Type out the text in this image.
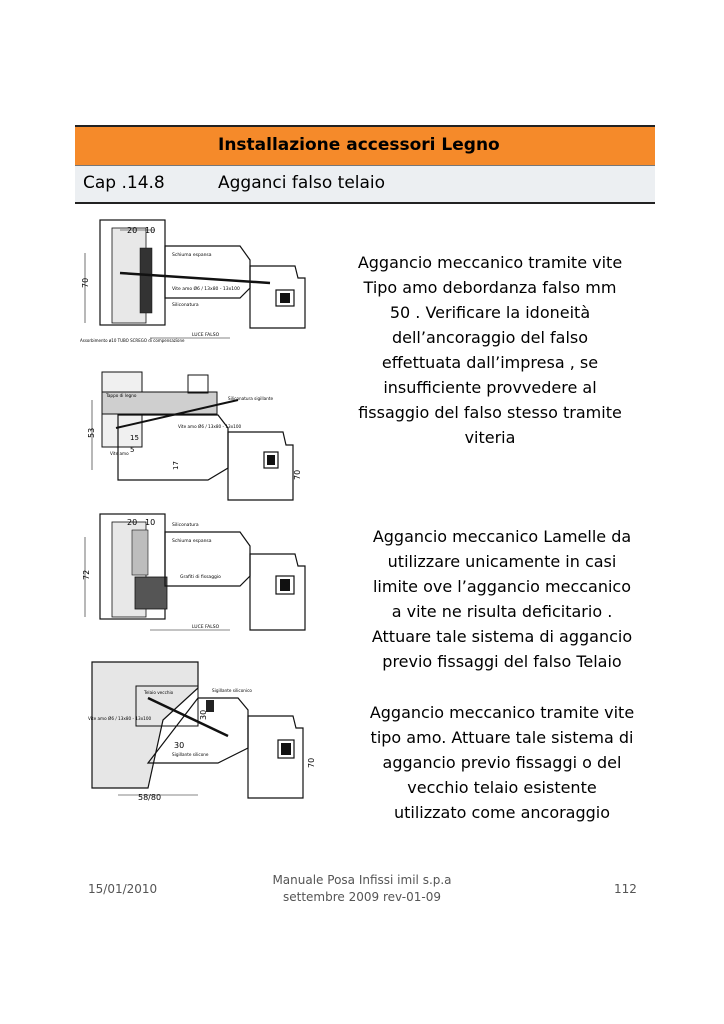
Installazione accessori Legno
Cap .14.8	Agganci falso telaio
20 10
70
Schiuma espansa
Vite amo Ø6 / 13x80 - 13x100
Siliconatura
LUCE FALSO
Assorbimento ø10 TUBO SCREGO di compensazione
53	15
5
17
70
Tappo di legno
Siliconatura sigillante
Vite amo Ø6 / 13x80 - 13x100
Vite amo
20 10
72
Siliconatura
Schiuma espansa
Grafiti di fissaggio
LUCE FALSO
30
30
58/80
70
Telaio vecchio	Sigillante siliconico
Vite amo Ø6 / 13x80 - 13x100
Sigillante silicone
Aggancio meccanico tramite vite
Tipo amo debordanza falso mm
50 . Verificare la idoneità
dell’ancoraggio del falso
effettuata dall’impresa , se
insufficiente provvedere al
fissaggio del falso stesso tramite
viteria
Aggancio meccanico Lamelle da
utilizzare unicamente in casi
limite ove l’aggancio meccanico
a vite ne risulta deficitario .
Attuare tale sistema di aggancio
previo fissaggi del falso Telaio
Aggancio meccanico tramite vite
tipo amo. Attuare tale sistema di
aggancio previo fissaggi o del
vecchio telaio esistente
utilizzato come ancoraggio
15/01/2010
Manuale Posa Infissi imil s.p.a
settembre 2009 rev-01-09
112
